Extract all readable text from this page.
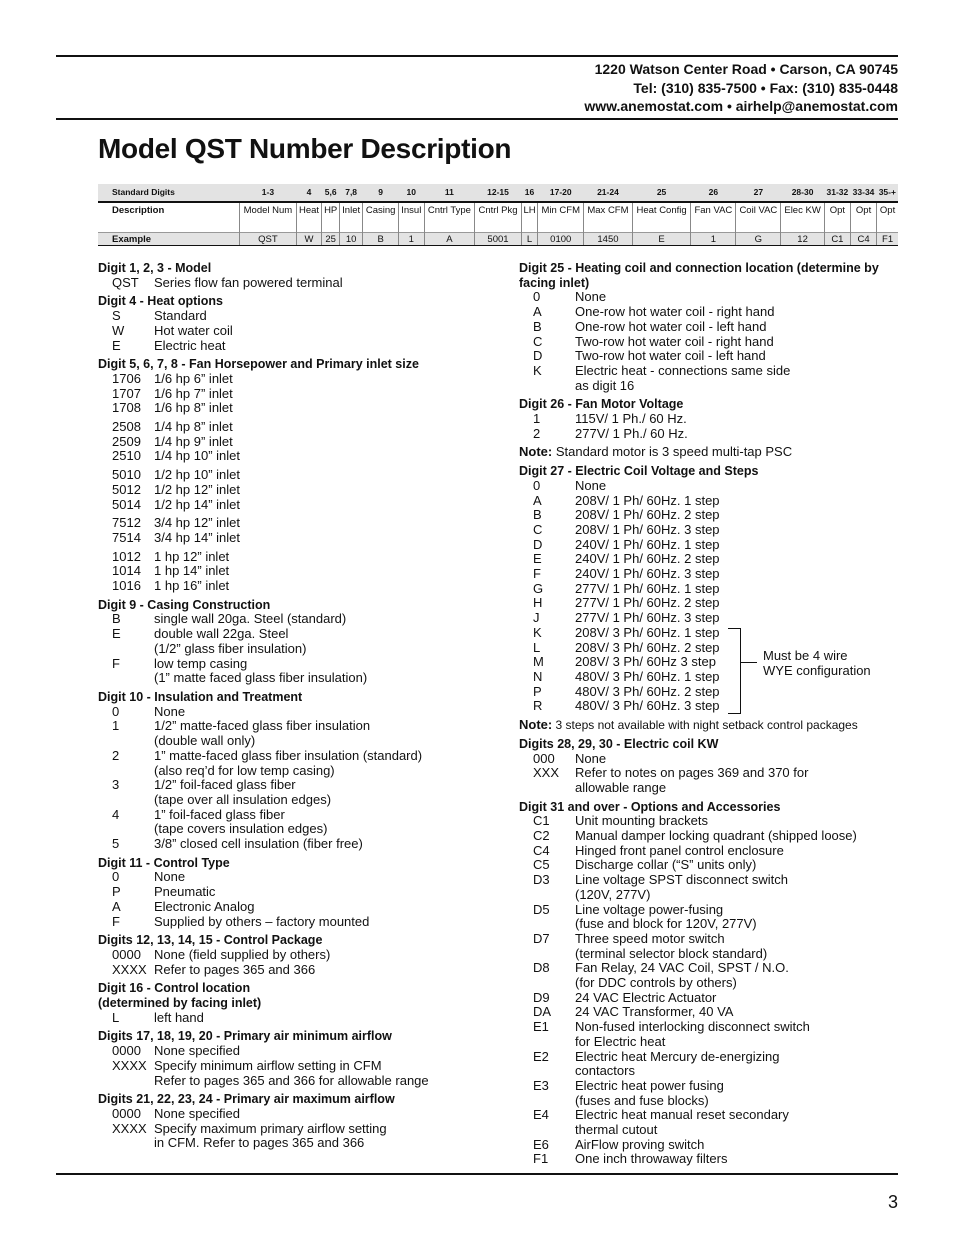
1220 Watson Center Road • Carson, CA 90745
Tel: (310) 835-7500 • Fax: (310) 835-0448
www.anemostat.com • airhelp@anemostat.com
Model QST Number Description
Standard Digits	1-3	4	5,6	7,8	9	10	11	12-15	16	17-20	21-24	25	26	27	28-30	31-32	33-34	35-+
Description	Model Num	Heat	HP	Inlet	Casing	Insul	Cntrl Type	Cntrl Pkg	LH	Min CFM	Max CFM	Heat Config	Fan VAC	Coil VAC	Elec KW	Opt	Opt	Opt
Example	QST	W	25	10	B	1	A	5001	L	0100	1450	E	1	G	12	C1	C4	F1
Digit 1, 2, 3 - Model
QST	Series flow fan powered terminal
Digit 4 - Heat options
S	Standard
W	Hot water coil
E	Electric heat
Digit 5, 6, 7, 8 - Fan Horsepower and Primary inlet size
1706	1/6 hp 6” inlet
1707	1/6 hp 7” inlet
1708	1/6 hp 8” inlet
2508	1/4 hp 8” inlet
2509	1/4 hp 9” inlet
2510	1/4 hp 10” inlet
5010	1/2 hp 10” inlet
5012	1/2 hp 12” inlet
5014	1/2 hp 14” inlet
7512	3/4 hp 12” inlet
7514	3/4 hp 14” inlet
1012	1 hp 12” inlet
1014	1 hp 14” inlet
1016	1 hp 16” inlet
Digit 9 - Casing Construction
B	single wall 20ga. Steel (standard)
E	double wall 22ga. Steel
(1/2” glass fiber insulation)
F	low temp casing
(1” matte faced glass fiber insulation)
Digit 10 - Insulation and Treatment
0	None
1	1/2” matte-faced glass fiber insulation
(double wall only)
2	1” matte-faced glass fiber insulation (standard)
(also req’d for low temp casing)
3	1/2” foil-faced glass fiber
(tape over all insulation edges)
4	1” foil-faced glass fiber
(tape covers insulation edges)
5	3/8” closed cell insulation (fiber free)
Digit 11 - Control Type
0	None
P	Pneumatic
A	Electronic Analog
F	Supplied by others – factory mounted
Digits 12, 13, 14, 15 - Control Package
0000	None (field supplied by others)
XXXX Refer to pages 365 and 366
Digit 16 - Control location
(determined by facing inlet)
L	left hand
Digits 17, 18, 19, 20 - Primary air minimum airflow
0000	None specified
XXXX Specify minimum airflow setting in CFM
Refer to pages 365 and 366 for allowable range
Digits 21, 22, 23, 24 - Primary air maximum airflow
0000	None specified
XXXX Specify maximum primary airflow setting
in CFM. Refer to pages 365 and 366
Digit 25 - Heating coil and connection location (determine by facing inlet)
0	None
A	One-row hot water coil - right hand
B	One-row hot water coil - left hand
C	Two-row hot water coil - right hand
D	Two-row hot water coil - left hand
K	Electric heat - connections same side
as digit 16
Digit 26 - Fan Motor Voltage
1	115V/ 1 Ph./ 60 Hz.
2	277V/ 1 Ph./ 60 Hz.
Note: Standard motor is 3 speed multi-tap PSC
Digit 27 - Electric Coil Voltage and Steps
0	None
A	208V/ 1 Ph/ 60Hz. 1 step
B	208V/ 1 Ph/ 60Hz. 2 step
C	208V/ 1 Ph/ 60Hz. 3 step
D	240V/ 1 Ph/ 60Hz. 1 step
E	240V/ 1 Ph/ 60Hz. 2 step
F	240V/ 1 Ph/ 60Hz. 3 step
G	277V/ 1 Ph/ 60Hz. 1 step
H	277V/ 1 Ph/ 60Hz. 2 step
J	277V/ 1 Ph/ 60Hz. 3 step
K	208V/ 3 Ph/ 60Hz. 1 step
L	208V/ 3 Ph/ 60Hz. 2 step
M	208V/ 3 Ph/ 60Hz 3 step
N	480V/ 3 Ph/ 60Hz. 1 step
P	480V/ 3 Ph/ 60Hz. 2 step
R	480V/ 3 Ph/ 60Hz. 3 step
Must be 4 wire
WYE configuration
Note: 3 steps not available with night setback control packages
Digits 28, 29, 30 - Electric coil KW
000	None
XXX	Refer to notes on pages 369 and 370 for
allowable range
Digit 31 and over - Options and Accessories
C1	Unit mounting brackets
C2	Manual damper locking quadrant (shipped loose)
C4	Hinged front panel control enclosure
C5	Discharge collar (“S” units only)
D3	Line voltage SPST disconnect switch
(120V, 277V)
D5	Line voltage power-fusing
(fuse and block for 120V, 277V)
D7	Three speed motor switch
(terminal selector block standard)
D8	Fan Relay, 24 VAC Coil, SPST / N.O.
(for DDC controls by others)
D9	24 VAC Electric Actuator
DA	24 VAC Transformer, 40 VA
E1	Non-fused interlocking disconnect switch
for Electric heat
E2	Electric heat Mercury de-energizing
contactors
E3	Electric heat power fusing
(fuses and fuse blocks)
E4	Electric heat manual reset secondary
thermal cutout
E6	AirFlow proving switch
F1	One inch throwaway filters
3
